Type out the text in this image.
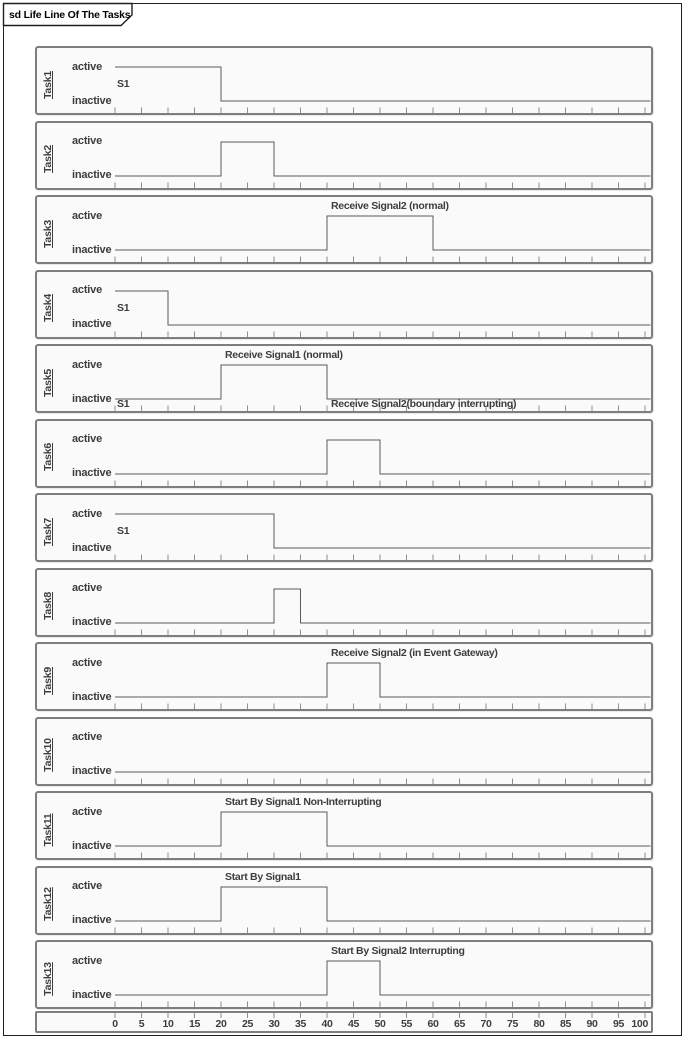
sd Life Line Of The Tasks
Task1
active
inactive
S1
Task2
active
inactive
Task3
active
inactive
Receive Signal2 (normal)
Task4
active
inactive
S1
Task5
active
inactive
Receive Signal1 (normal)
S1	Receive Signal2(boundary interrupting)
Task6
active
inactive
Task7
active
inactive
S1
Task8
active
inactive
Task9
active
inactive
Receive Signal2 (in Event Gateway)
Task10
active
inactive
Task11
active
inactive
Start By Signal1 Non-Interrupting
Task12
active
inactive
Start By Signal1
Task13
active
inactive
Start By Signal2 Interrupting
0 5 10 15 20 25 30 35 40 45 50 55 60 65 70 75 80 85 90 95 100
